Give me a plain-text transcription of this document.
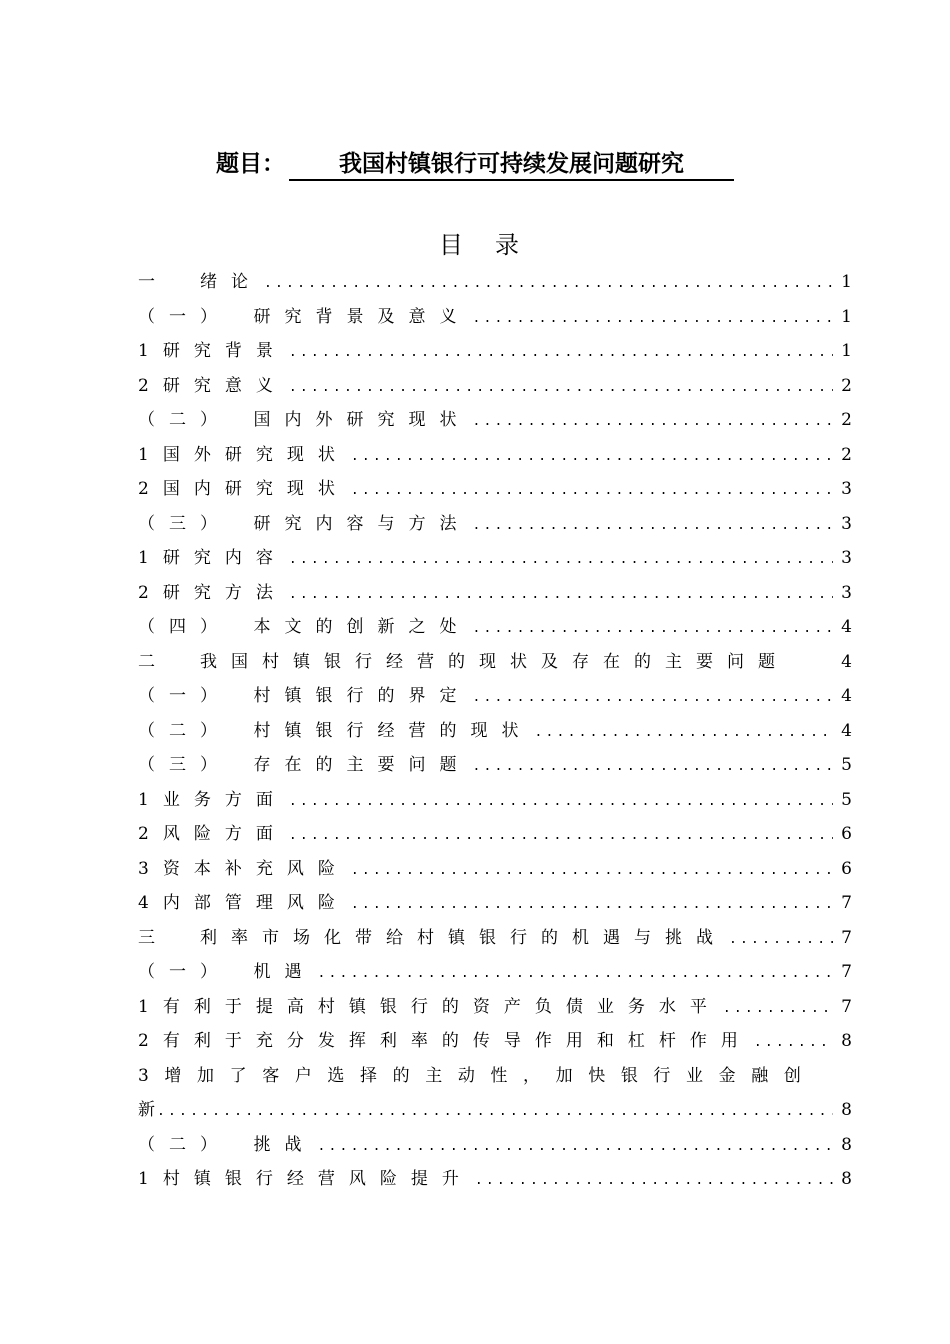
题目： 我国村镇银行可持续发展问题研究
目录
一　绪论 .....	1
（一）　研究背景及意义 .....	1
1研究背景 .....	1
2研究意义 .....	2
（二）　国内外研究现状 .....	2
1国外研究现状 .....	2
2国内研究现状 .....	3
（三）　研究内容与方法 .....	3
1研究内容 .....	3
2研究方法 .....	3
（四）　本文的创新之处 .....	4
二　我国村镇银行经营的现状及存在的主要问题	4
（一）　村镇银行的界定 .....	4
（二）　村镇银行经营的现状 .....	4
（三）　存在的主要问题 .....	5
1业务方面 .....	5
2风险方面 .....	6
3资本补充风险 .....	6
4内部管理风险 .....	7
三　利率市场化带给村镇银行的机遇与挑战 .....	7
（一）　机遇 .....	7
1有利于提高村镇银行的资产负债业务水平 .....	7
2有利于充分发挥利率的传导作用和杠杆作用 .....	8
3增加了客户选择的主动性，加快银行业金融创
新 .....	8
（二）　挑战 .....	8
1村镇银行经营风险提升 .....	8
